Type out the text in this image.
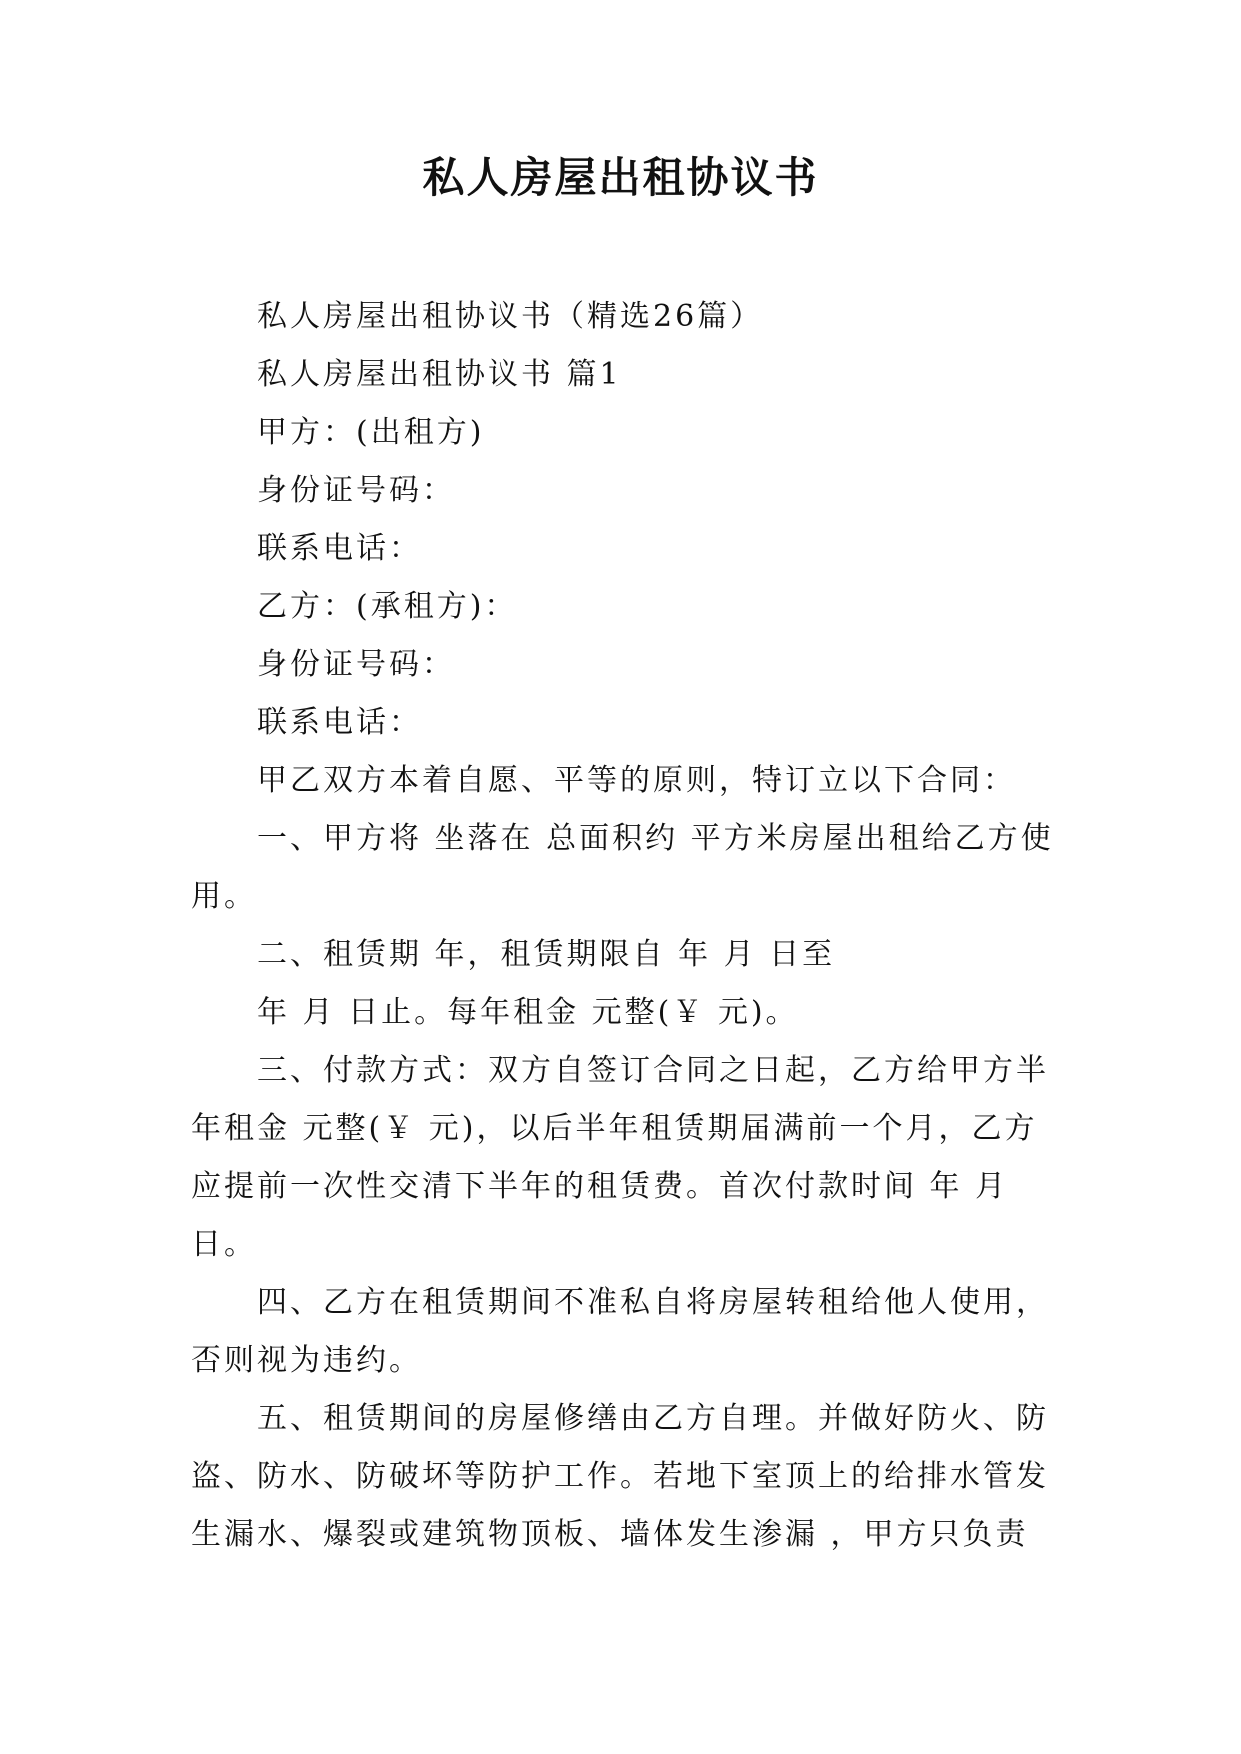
私人房屋出租协议书

私人房屋出租协议书（精选26篇）

私人房屋出租协议书 篇1

甲方：(出租方)

身份证号码：

联系电话：

乙方：(承租方)：

身份证号码：

联系电话：

甲乙双方本着自愿、平等的原则，特订立以下合同：

一、甲方将 坐落在 总面积约 平方米房屋出租给乙方使用。

二、租赁期 年，租赁期限自 年 月 日至

年 月 日止。每年租金 元整(￥ 元)。

三、付款方式：双方自签订合同之日起，乙方给甲方半年租金 元整(￥ 元)，以后半年租赁期届满前一个月，乙方应提前一次性交清下半年的租赁费。首次付款时间 年 月 日。

四、乙方在租赁期间不准私自将房屋转租给他人使用，否则视为违约。

五、租赁期间的房屋修缮由乙方自理。并做好防火、防盗、防水、防破坏等防护工作。若地下室顶上的给排水管发生漏水、爆裂或建筑物顶板、墙体发生渗漏 ，甲方只负责
